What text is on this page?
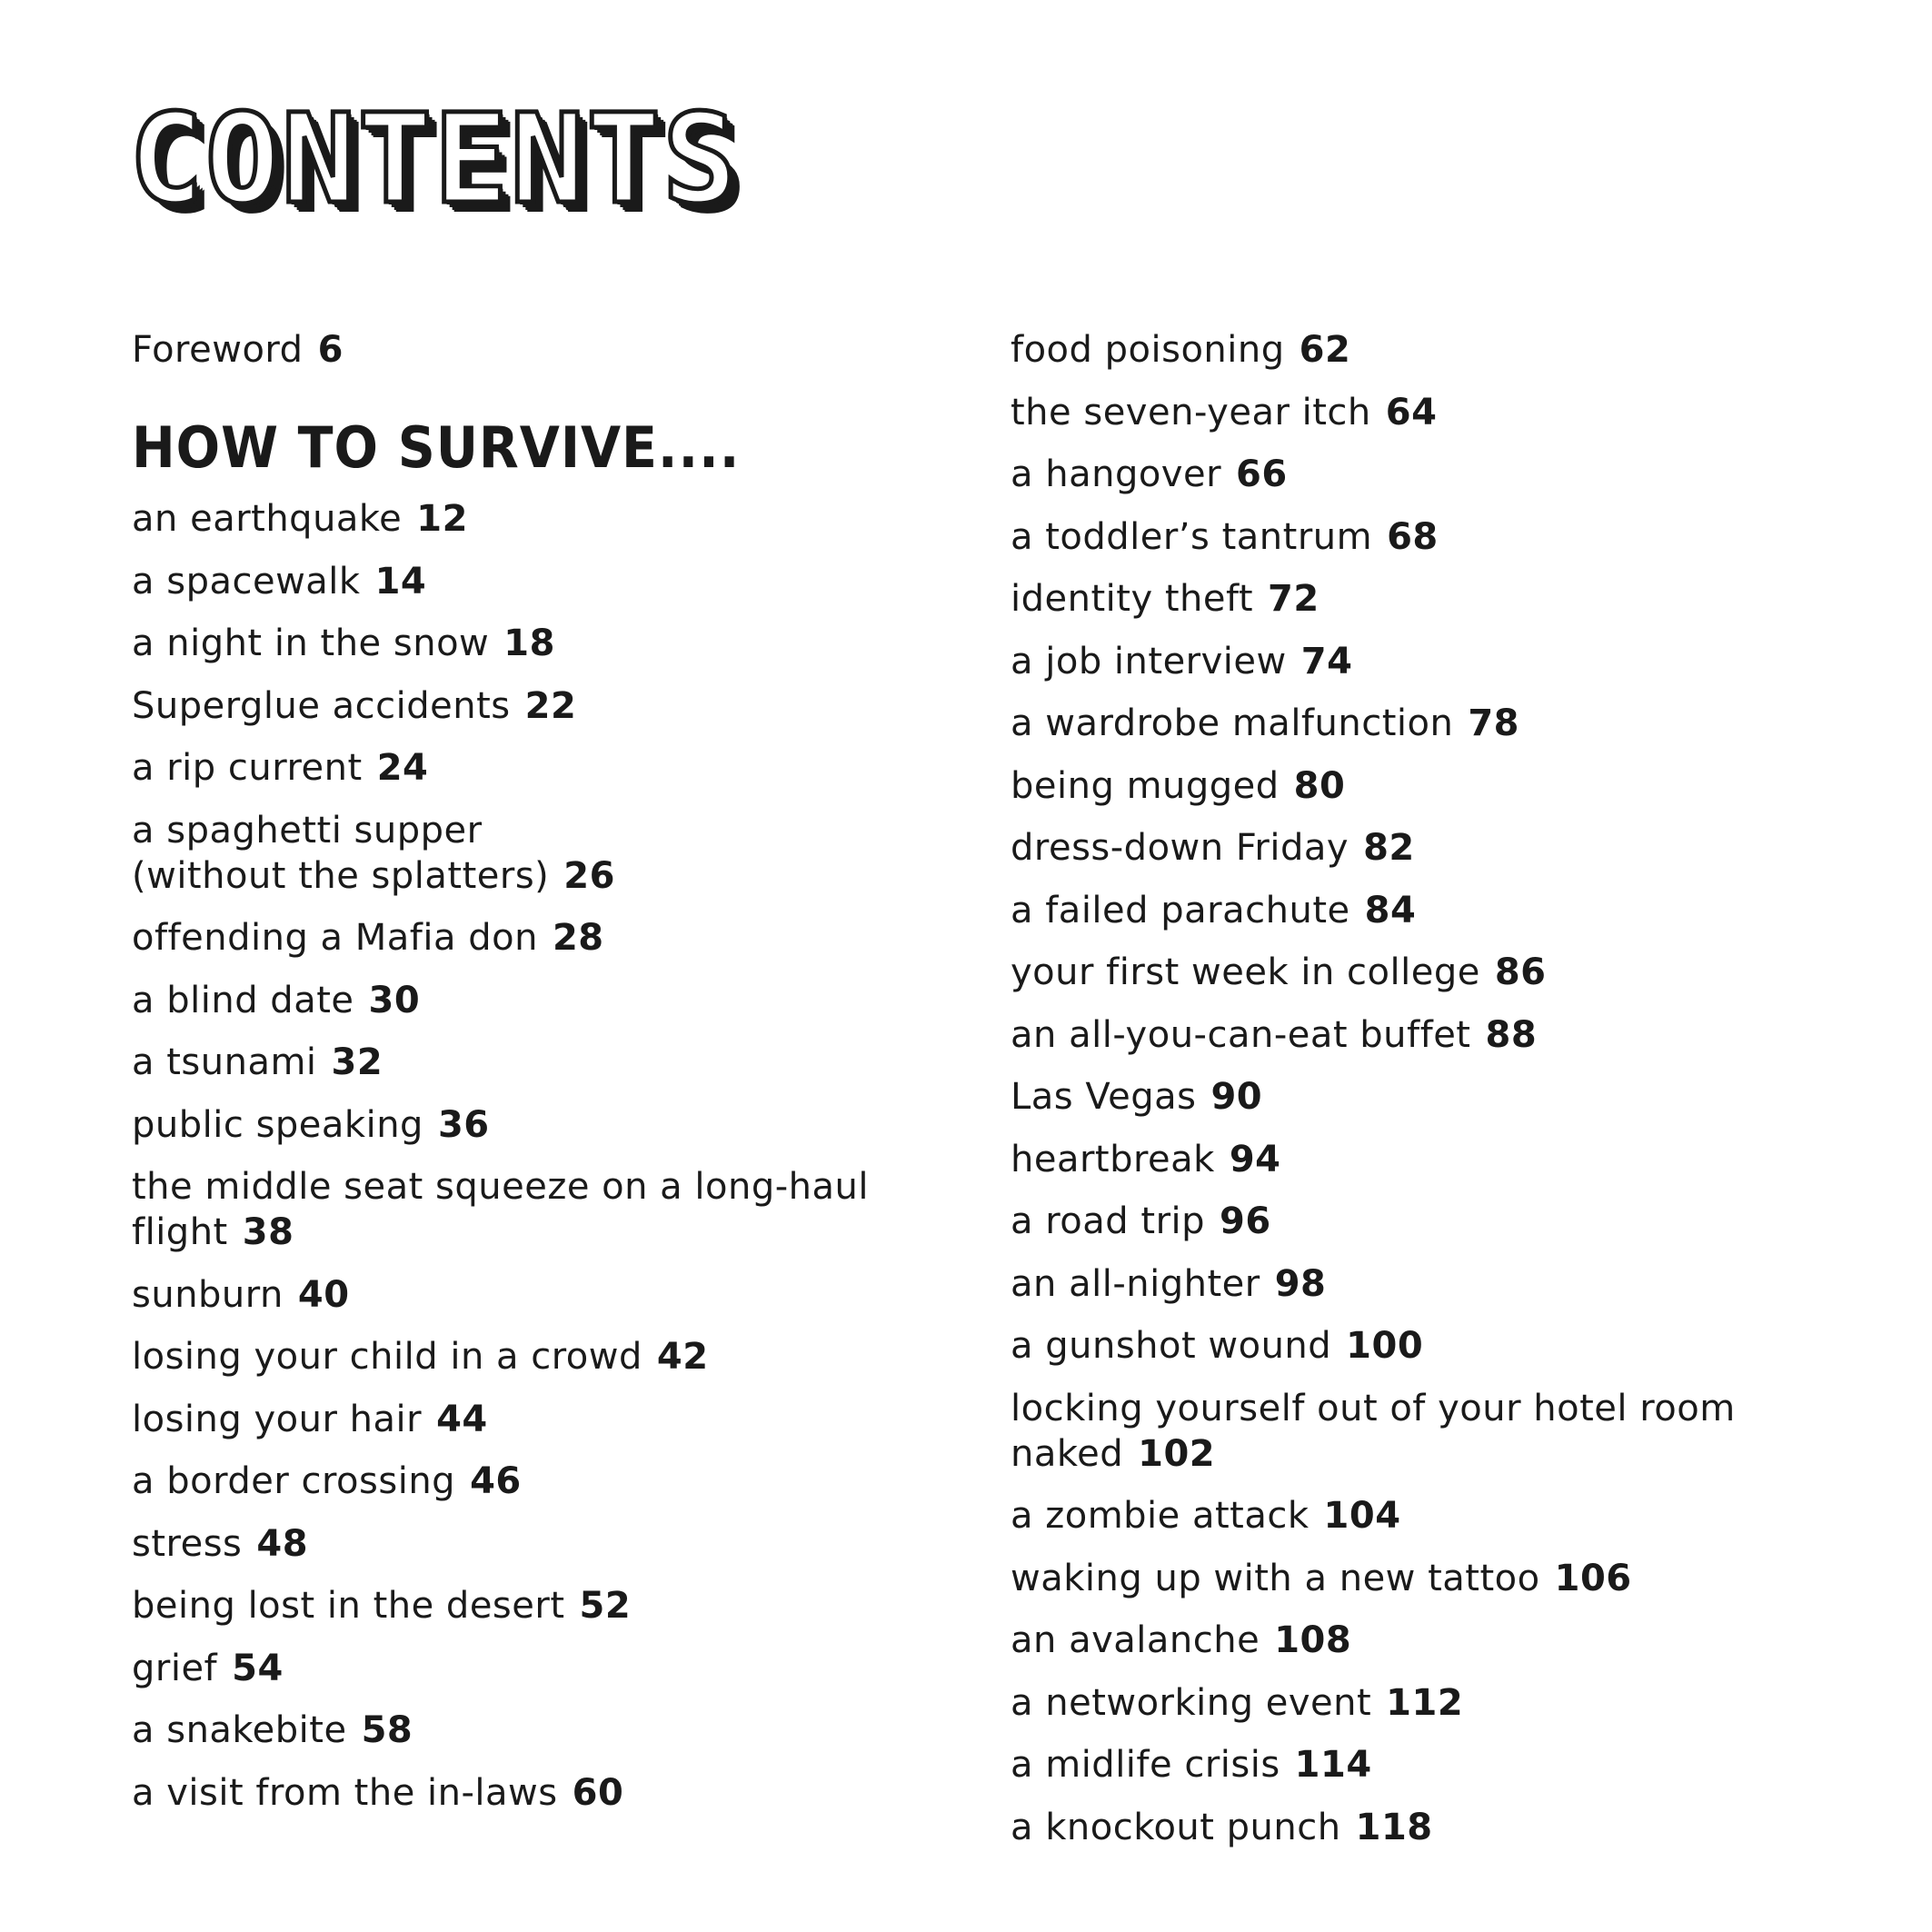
CONTENTS

Foreword 6

HOW TO SURVIVE....

an earthquake 12

a spacewalk 14

a night in the snow 18

Superglue accidents 22

a rip current 24

a spaghetti supper
(without the splatters) 26

offending a Mafia don 28

a blind date 30

a tsunami 32

public speaking 36

the middle seat squeeze on a long-haul
flight 38

sunburn 40

losing your child in a crowd 42

losing your hair 44

a border crossing 46

stress 48

being lost in the desert 52

grief 54

a snakebite 58

a visit from the in-laws 60

food poisoning 62

the seven-year itch 64

a hangover 66

a toddler’s tantrum 68

identity theft 72

a job interview 74

a wardrobe malfunction 78

being mugged 80

dress-down Friday 82

a failed parachute 84

your first week in college 86

an all-you-can-eat buffet 88

Las Vegas 90

heartbreak 94

a road trip 96

an all-nighter 98

a gunshot wound 100

locking yourself out of your hotel room
naked 102

a zombie attack 104

waking up with a new tattoo 106

an avalanche 108

a networking event 112

a midlife crisis 114

a knockout punch 118
